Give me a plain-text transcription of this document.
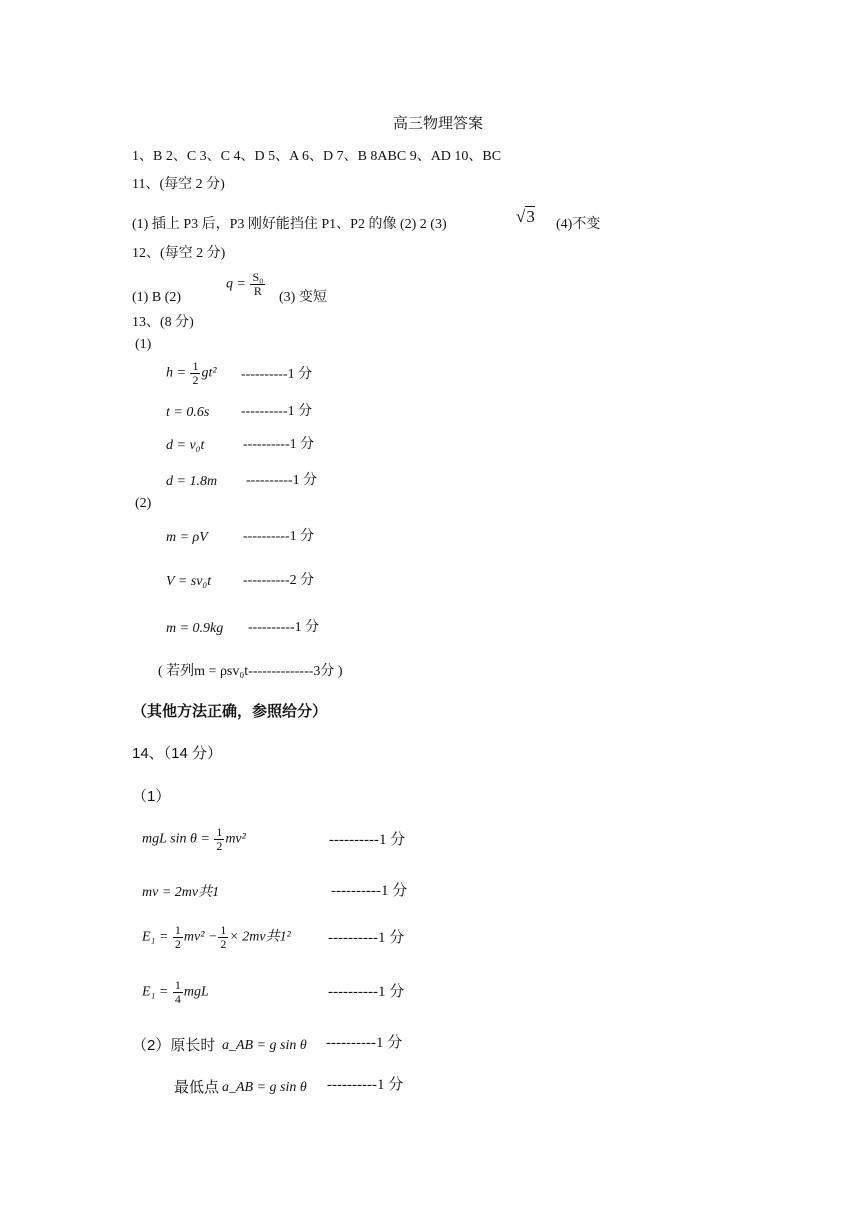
高三物理答案
1、B 2、C 3、C 4、D 5、A 6、D 7、B 8ABC 9、AD 10、BC
11、(每空 2 分)
(1) 插上 P3 后，P3 刚好能挡住 P1、P2 的像 (2) 2 (3)	√3 (4)不变
12、(每空 2 分)
(1) B (2)
$q = \frac{\text{S₀}}{R} (3)$ 变短
13、(8 分)
(1)
$h = \frac{1}{2} gt^2$ ----------1 分
t = 0.6s ----------1 分
d = v₀t	----------1 分
d = 1.8m ----------1 分
(2)
m = ρV	----------1 分
V = sv₀t ----------2 分
m = 0.9kg ----------1 分
( 若列m = ρsv₀t--------------3分 )
（其他方法正确，参照给分）
14、（14 分）
（1）
mgL $\sin \theta = \frac{1}{2} mv^2$	----------1 分
mv = 2mv共1	----------1 分
$E_1 = \frac{1}{2} mv^2 - \frac{1}{2} \times 2mv$共1² ----------1 分
$E_1 = \frac{1}{4}$ mgL	----------1 分
（2）原长时 a_AB = g sin θ ----------1 分
最低点 a_AB = g sin θ ----------1 分
